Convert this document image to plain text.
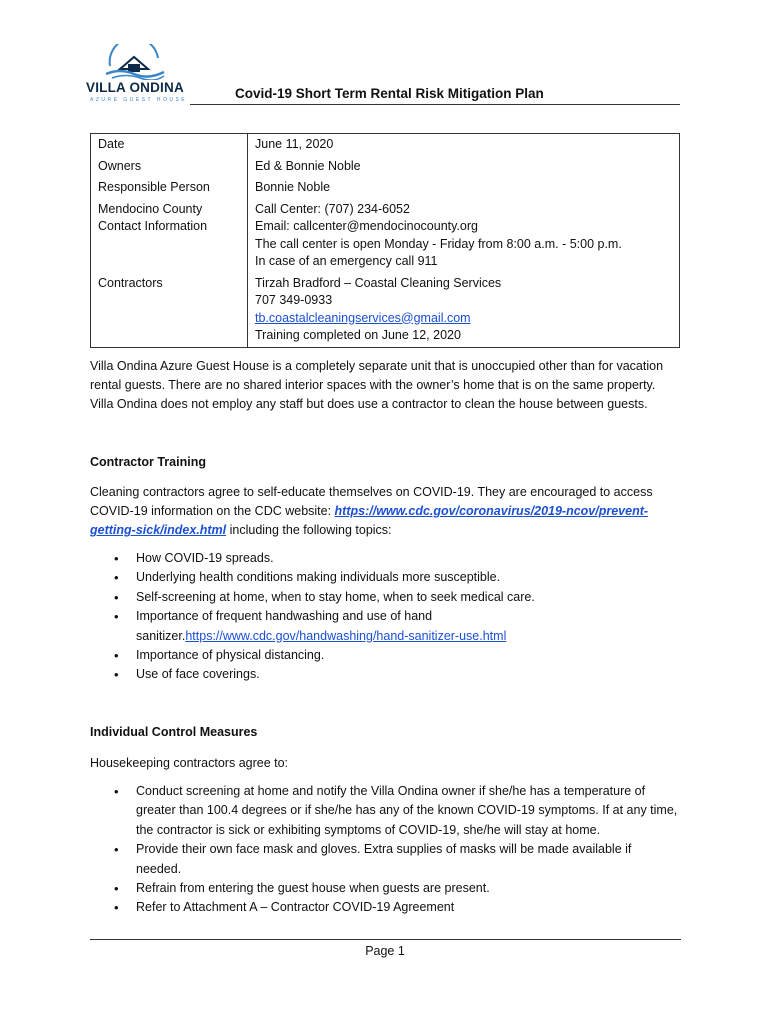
VILLA ONDINA
AZURE GUEST HOUSE	Covid-19 Short Term Rental Risk Mitigation Plan
Date	June 11, 2020
Owners	Ed & Bonnie Noble
Responsible Person	Bonnie Noble

Mendocino County
Contact Information	Call Center: (707) 234-6052
Email: callcenter@mendocinocounty.org
The call center is open Monday - Friday from 8:00 a.m. - 5:00 p.m.
In case of an emergency call 911

Contractors	Tirzah Bradford – Coastal Cleaning Services
707 349-0933
tb.coastalcleaningservices@gmail.com
Training completed on June 12, 2020
Villa Ondina Azure Guest House is a completely separate unit that is unoccupied other than for vacation rental guests. There are no shared interior spaces with the owner’s home that is on the same property. Villa Ondina does not employ any staff but does use a contractor to clean the house between guests.
Contractor Training
Cleaning contractors agree to self-educate themselves on COVID-19. They are encouraged to access COVID-19 information on the CDC website: https://www.cdc.gov/coronavirus/2019-ncov/prevent-getting-sick/index.html including the following topics:
• How COVID-19 spreads.
• Underlying health conditions making individuals more susceptible.
• Self-screening at home, when to stay home, when to seek medical care.
• Importance of frequent handwashing and use of hand sanitizer.https://www.cdc.gov/handwashing/hand-sanitizer-use.html
• Importance of physical distancing.
• Use of face coverings.
Individual Control Measures
Housekeeping contractors agree to:
• Conduct screening at home and notify the Villa Ondina owner if she/he has a temperature of greater than 100.4 degrees or if she/he has any of the known COVID-19 symptoms. If at any time, the contractor is sick or exhibiting symptoms of COVID-19, she/he will stay at home.
• Provide their own face mask and gloves. Extra supplies of masks will be made available if needed.
• Refrain from entering the guest house when guests are present.
• Refer to Attachment A – Contractor COVID-19 Agreement
Page 1
